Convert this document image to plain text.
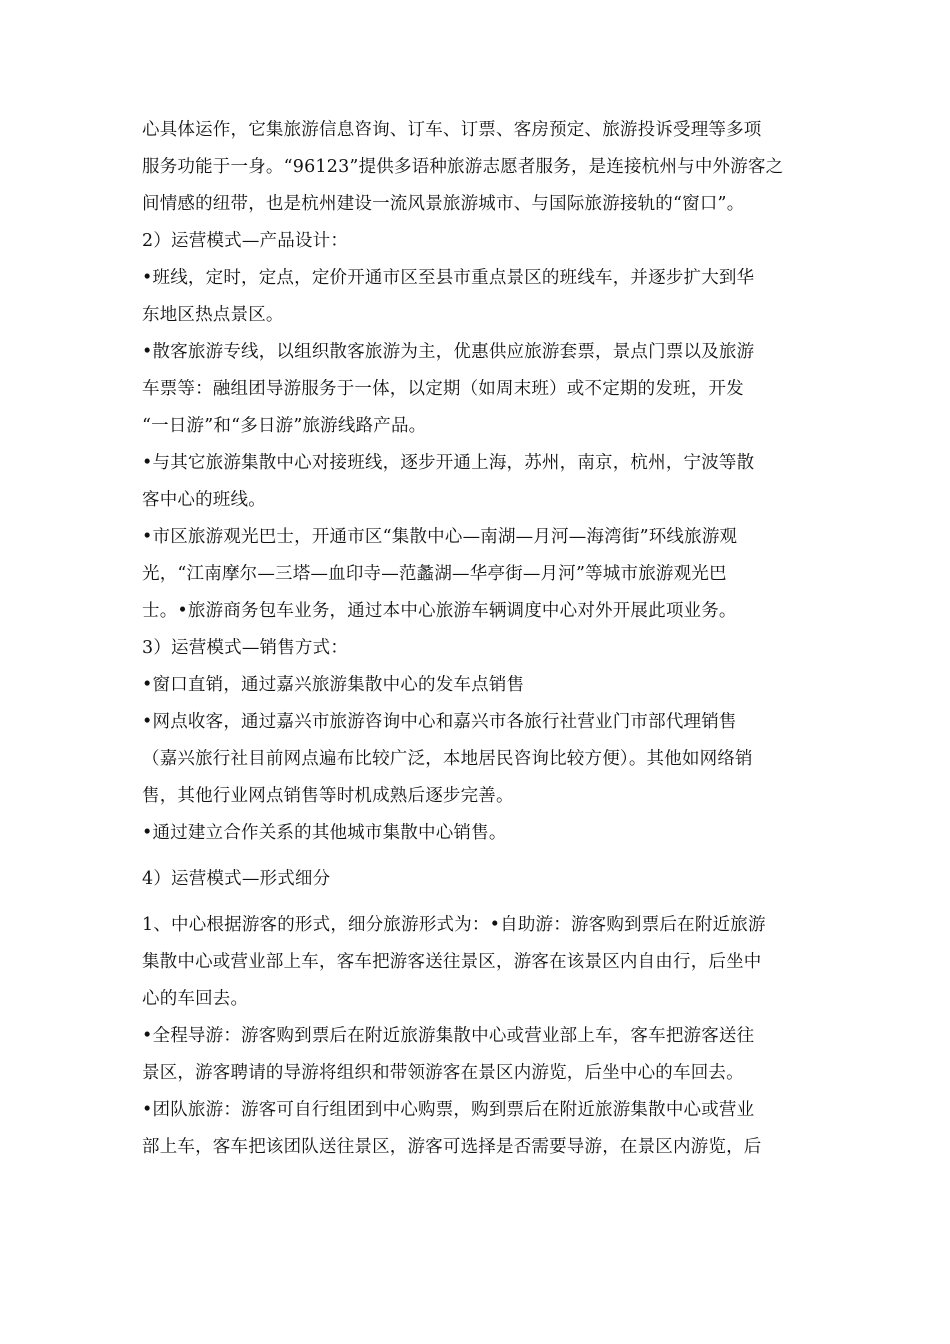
心具体运作，它集旅游信息咨询、订车、订票、客房预定、旅游投诉受理等多项
服务功能于一身。“96123”提供多语种旅游志愿者服务，是连接杭州与中外游客之
间情感的纽带，也是杭州建设一流风景旅游城市、与国际旅游接轨的“窗口”。
2）运营模式—产品设计：
•班线，定时，定点，定价开通市区至县市重点景区的班线车，并逐步扩大到华
东地区热点景区。
•散客旅游专线，以组织散客旅游为主，优惠供应旅游套票，景点门票以及旅游
车票等：融组团导游服务于一体，以定期（如周末班）或不定期的发班，开发
“一日游”和“多日游”旅游线路产品。
•与其它旅游集散中心对接班线，逐步开通上海，苏州，南京，杭州，宁波等散
客中心的班线。
•市区旅游观光巴士，开通市区“集散中心—南湖—月河—海湾街”环线旅游观
光，“江南摩尔—三塔—血印寺—范蠡湖—华亭街—月河”等城市旅游观光巴
士。•旅游商务包车业务，通过本中心旅游车辆调度中心对外开展此项业务。
3）运营模式—销售方式：
•窗口直销，通过嘉兴旅游集散中心的发车点销售
•网点收客，通过嘉兴市旅游咨询中心和嘉兴市各旅行社营业门市部代理销售
（嘉兴旅行社目前网点遍布比较广泛，本地居民咨询比较方便）。其他如网络销
售，其他行业网点销售等时机成熟后逐步完善。
•通过建立合作关系的其他城市集散中心销售。
4）运营模式—形式细分
1、中心根据游客的形式，细分旅游形式为：•自助游：游客购到票后在附近旅游
集散中心或营业部上车，客车把游客送往景区，游客在该景区内自由行，后坐中
心的车回去。
•全程导游：游客购到票后在附近旅游集散中心或营业部上车，客车把游客送往
景区，游客聘请的导游将组织和带领游客在景区内游览，后坐中心的车回去。
•团队旅游：游客可自行组团到中心购票，购到票后在附近旅游集散中心或营业
部上车，客车把该团队送往景区，游客可选择是否需要导游，在景区内游览，后
